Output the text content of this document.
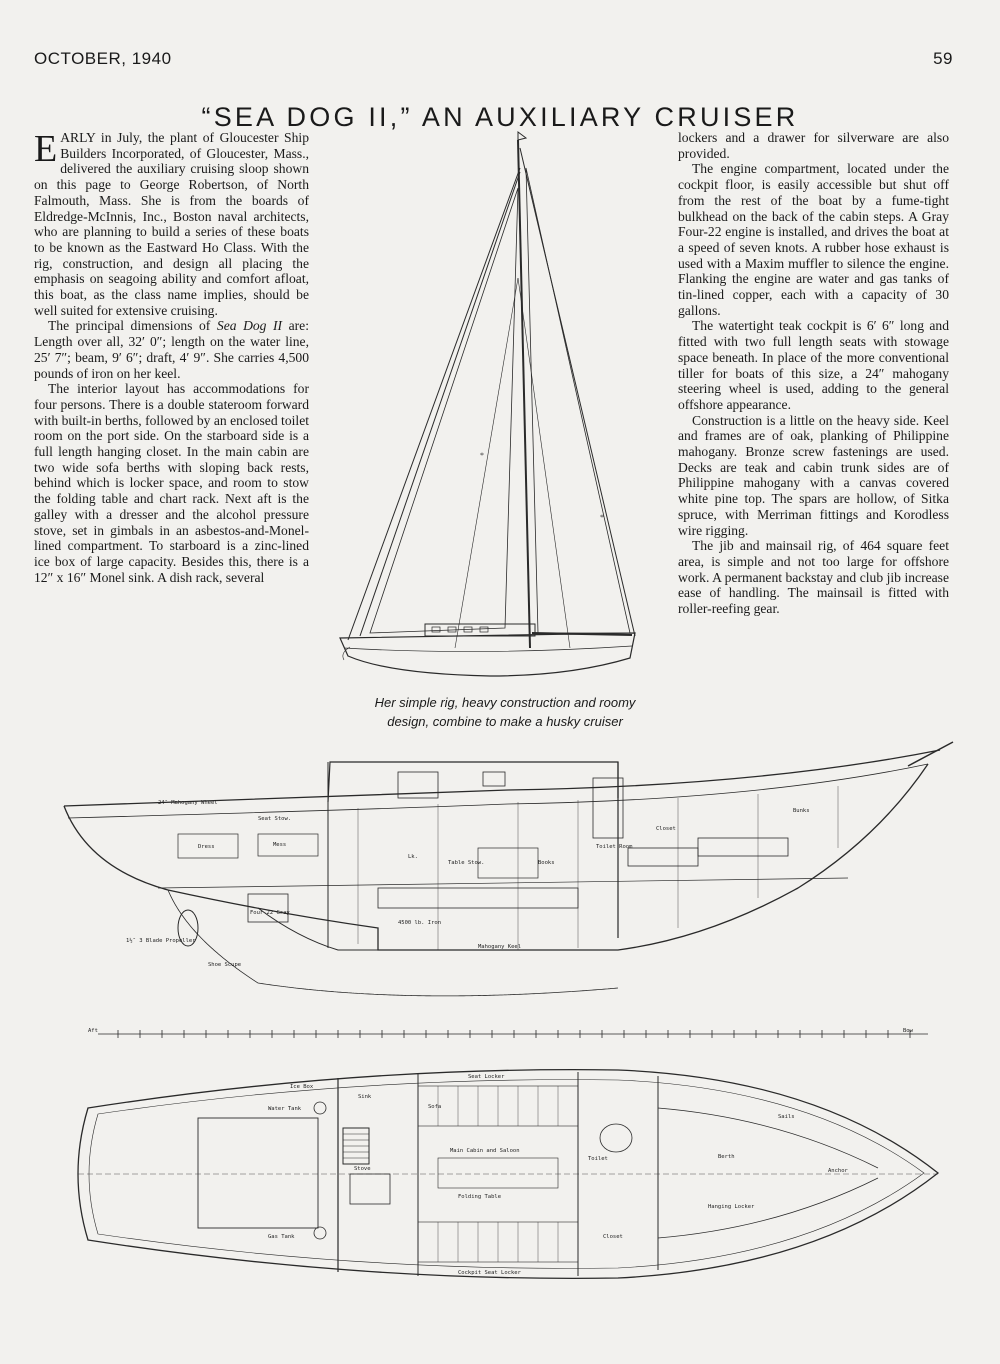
OCTOBER, 1940	59
“SEA DOG II,” AN AUXILIARY CRUISER

EARLY in July, the plant of Gloucester Ship Builders Incorporated, of Gloucester, Mass., delivered the auxiliary cruising sloop shown on this page to George Robertson, of North Falmouth, Mass. She is from the boards of Eldredge-McInnis, Inc., Boston naval architects, who are planning to build a series of these boats to be known as the Eastward Ho Class. With the rig, construction, and design all placing the emphasis on seagoing ability and comfort afloat, this boat, as the class name implies, should be well suited for extensive cruising.

The principal dimensions of Sea Dog II are: Length over all, 32′ 0″; length on the water line, 25′ 7″; beam, 9′ 6″; draft, 4′ 9″. She carries 4,500 pounds of iron on her keel.

The interior layout has accommodations for four persons. There is a double stateroom forward with built-in berths, followed by an enclosed toilet room on the port side. On the starboard side is a full length hanging closet. In the main cabin are two wide sofa berths with sloping back rests, behind which is locker space, and room to stow the folding table and chart rack. Next aft is the galley with a dresser and the alcohol pressure stove, set in gimbals in an asbestos-and-Monel-lined compartment. To starboard is a zinc-lined ice box of large capacity. Besides this, there is a 12″ x 16″ Monel sink. A dish rack, several

lockers and a drawer for silverware are also provided.

The engine compartment, located under the cockpit floor, is easily accessible but shut off from the rest of the boat by a fume-tight bulkhead on the back of the cabin steps. A Gray Four-22 engine is installed, and drives the boat at a speed of seven knots. A rubber hose exhaust is used with a Maxim muffler to silence the engine. Flanking the engine are water and gas tanks of tin-lined copper, each with a capacity of 30 gallons.

The watertight teak cockpit is 6′ 6″ long and fitted with two full length seats with stowage space beneath. In place of the more conventional tiller for boats of this size, a 24″ mahogany steering wheel is used, adding to the general offshore appearance.

Construction is a little on the heavy side. Keel and frames are of oak, planking of Philippine mahogany. Bronze screw fastenings are used. Decks are teak and cabin trunk sides are of Philippine mahogany with a canvas covered white pine top. The spars are hollow, of Sitka spruce, with Merriman fittings and Korodless wire rigging.

The jib and mainsail rig, of 464 square feet area, is simple and not too large for offshore work. A permanent backstay and club jib increase ease of handling. The mainsail is fitted with roller-reefing gear.

*
*
Her simple rig, heavy construction and roomy
design, combine to make a husky cruiser
24″ Mahogany Wheel
Seat Stow.
Dress	Mess
Lk.
Table Stow.	Books
Toilet Room
Closet
Four-22 Gray
Mahogany Keel
Bunks
4500 lb. Iron
1½″ 3 Blade Propeller
Shoe Scupe
Aft	Bow
Seat Locker
Ice Box
Sink
Stove
Main Cabin and Saloon
Folding Table
Toilet
Closet
Hanging Locker
Sails
Anchor
Berth
Gas Tank
Water Tank
Cockpit Seat Locker
Sofa
